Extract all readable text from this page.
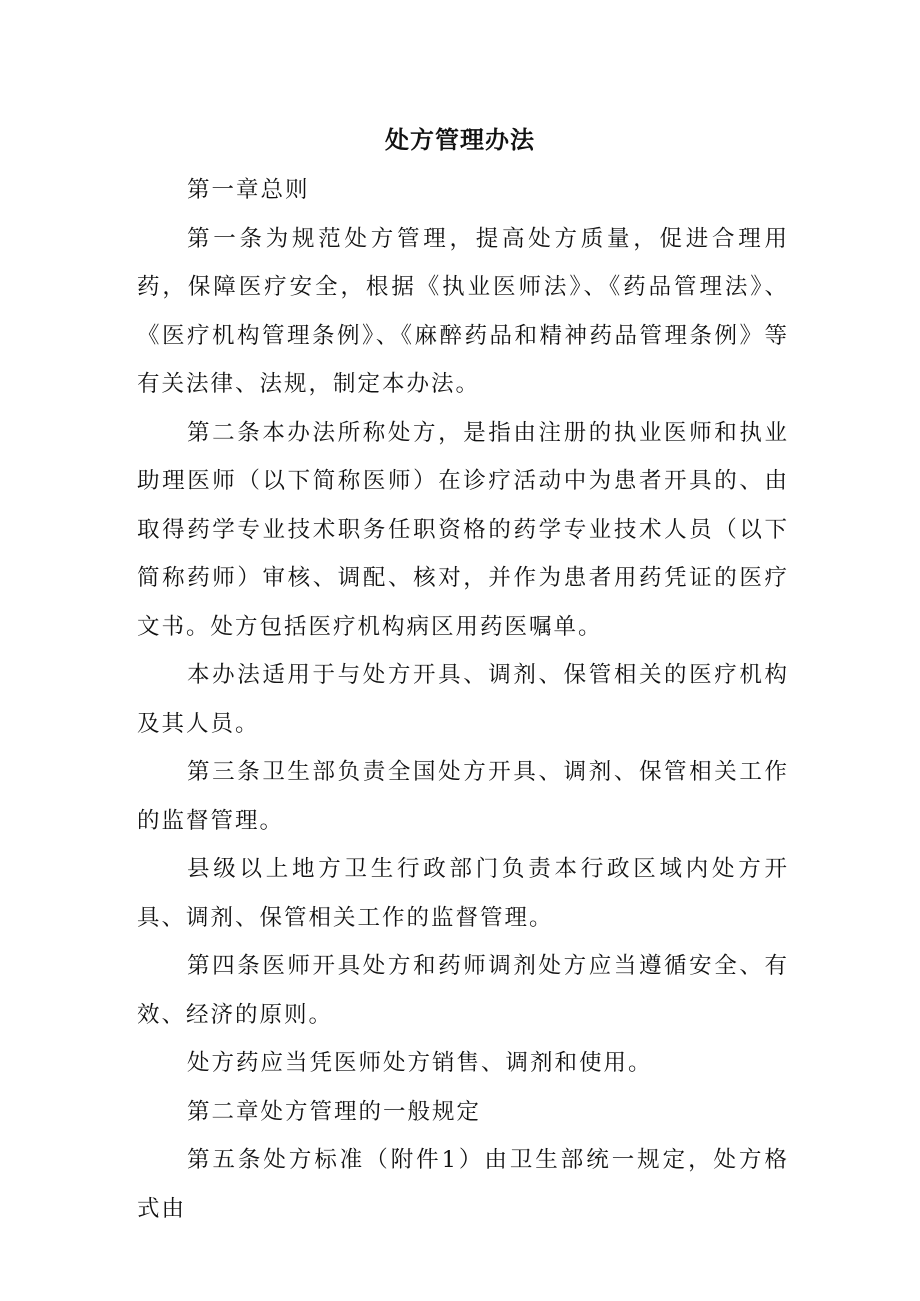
处方管理办法

第一章总则

第一条为规范处方管理，提高处方质量，促进合理用药，保障医疗安全，根据《执业医师法》、《药品管理法》、《医疗机构管理条例》、《麻醉药品和精神药品管理条例》等有关法律、法规，制定本办法。

第二条本办法所称处方，是指由注册的执业医师和执业助理医师（以下简称医师）在诊疗活动中为患者开具的、由取得药学专业技术职务任职资格的药学专业技术人员（以下简称药师）审核、调配、核对，并作为患者用药凭证的医疗文书。处方包括医疗机构病区用药医嘱单。

本办法适用于与处方开具、调剂、保管相关的医疗机构及其人员。

第三条卫生部负责全国处方开具、调剂、保管相关工作的监督管理。

县级以上地方卫生行政部门负责本行政区域内处方开具、调剂、保管相关工作的监督管理。

第四条医师开具处方和药师调剂处方应当遵循安全、有效、经济的原则。

处方药应当凭医师处方销售、调剂和使用。

第二章处方管理的一般规定

第五条处方标准（附件1）由卫生部统一规定，处方格式由
